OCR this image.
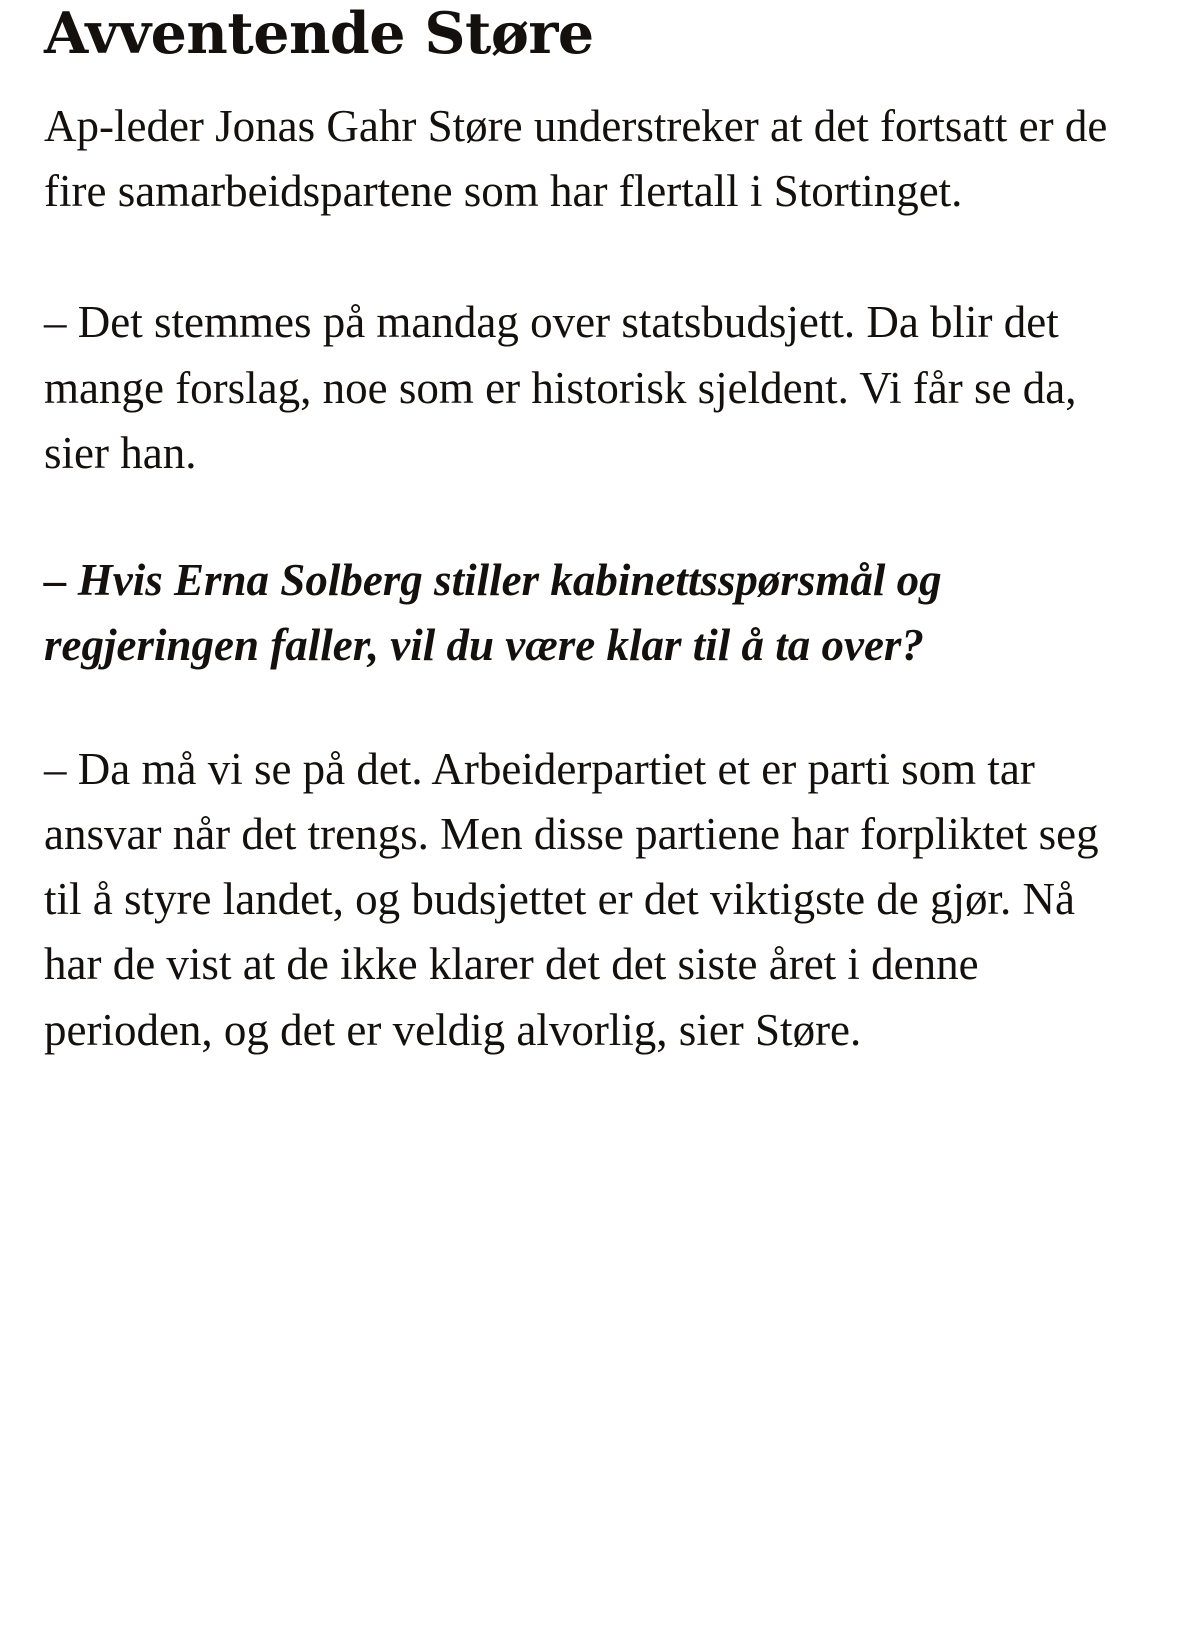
Avventende Støre

Ap-leder Jonas Gahr Støre understreker at det fortsatt er de fire samarbeidspartene som har flertall i Stortinget.

– Det stemmes på mandag over statsbudsjett. Da blir det mange forslag, noe som er historisk sjeldent. Vi får se da, sier han.

– Hvis Erna Solberg stiller kabinettsspørsmål og regjeringen faller, vil du være klar til å ta over?

– Da må vi se på det. Arbeiderpartiet et er parti som tar ansvar når det trengs. Men disse partiene har forpliktet seg til å styre landet, og budsjettet er det viktigste de gjør. Nå har de vist at de ikke klarer det det siste året i denne perioden, og det er veldig alvorlig, sier Støre.
